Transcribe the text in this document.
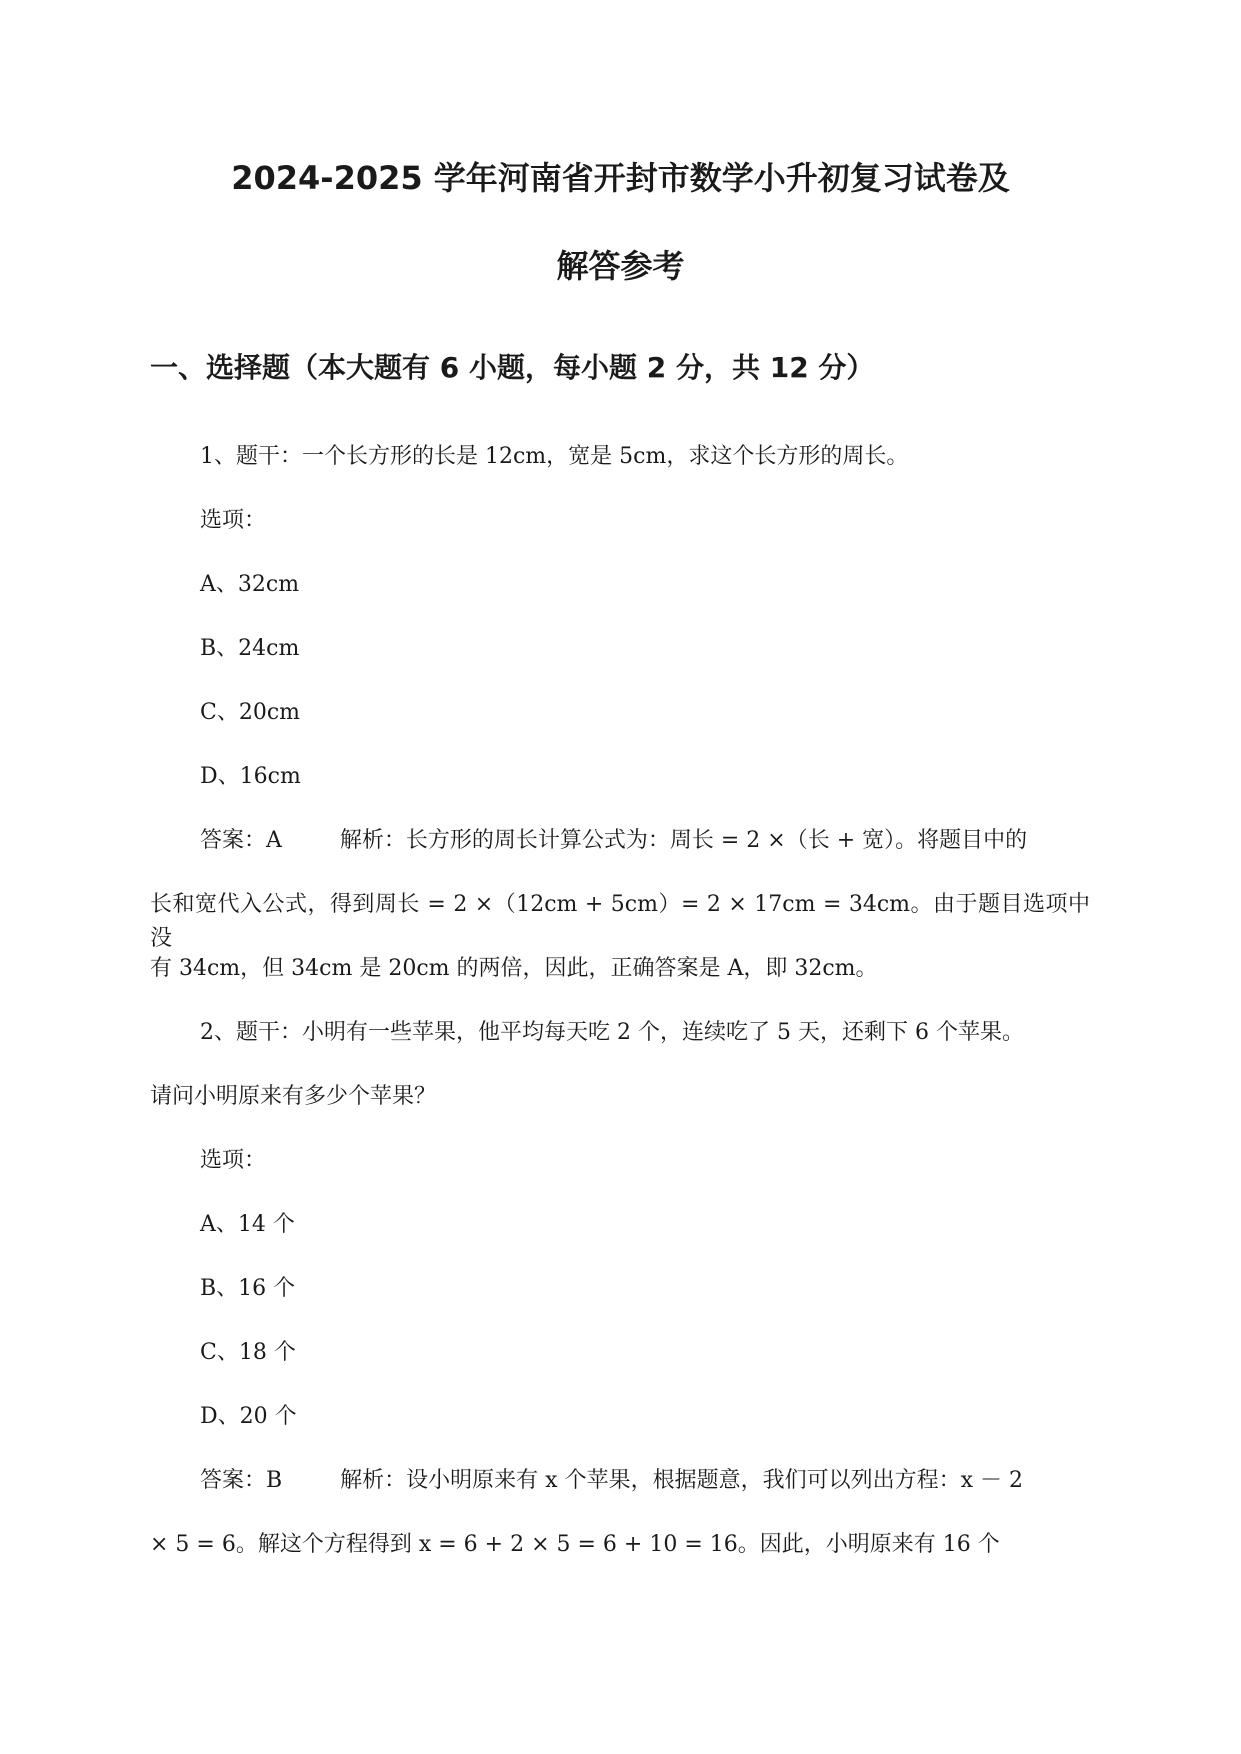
2024-2025 学年河南省开封市数学小升初复习试卷及
解答参考
一、选择题（本大题有 6 小题，每小题 2 分，共 12 分）
1、题干：一个长方形的长是 12cm，宽是 5cm，求这个长方形的周长。
选项：
A、32cm
B、24cm
C、20cm
D、16cm
答案：A	解析：长方形的周长计算公式为：周长 = 2 ×（长 + 宽）。将题目中的
长和宽代入公式，得到周长 = 2 ×（12cm + 5cm）= 2 × 17cm = 34cm。由于题目选项中没
有 34cm，但 34cm 是 20cm 的两倍，因此，正确答案是 A，即 32cm。
2、题干：小明有一些苹果，他平均每天吃 2 个，连续吃了 5 天，还剩下 6 个苹果。
请问小明原来有多少个苹果？
选项：
A、14 个
B、16 个
C、18 个
D、20 个
答案：B	解析：设小明原来有 x 个苹果，根据题意，我们可以列出方程：x － 2
× 5 = 6。解这个方程得到 x = 6 + 2 × 5 = 6 + 10 = 16。因此，小明原来有 16 个
